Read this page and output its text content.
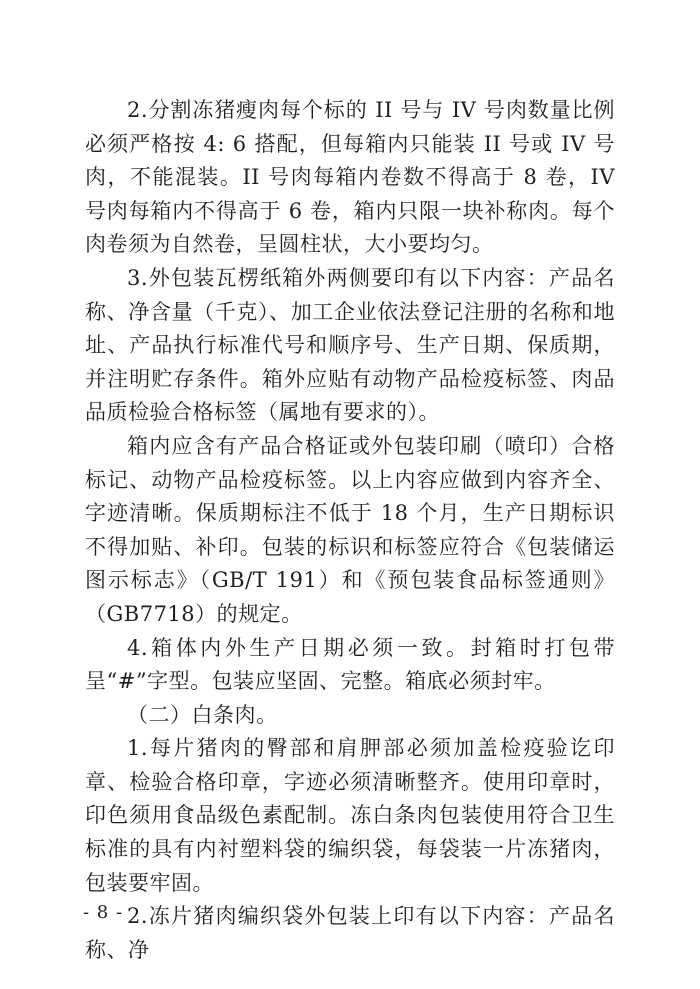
2.分割冻猪瘦肉每个标的 II 号与 IV 号肉数量比例必须严格按 4: 6 搭配，但每箱内只能装 II 号或 IV 号肉，不能混装。II 号肉每箱内卷数不得高于 8 卷，IV 号肉每箱内不得高于 6 卷，箱内只限一块补称肉。每个肉卷须为自然卷，呈圆柱状，大小要均匀。

3.外包装瓦楞纸箱外两侧要印有以下内容：产品名称、净含量（千克）、加工企业依法登记注册的名称和地址、产品执行标准代号和顺序号、生产日期、保质期，并注明贮存条件。箱外应贴有动物产品检疫标签、肉品品质检验合格标签（属地有要求的）。

箱内应含有产品合格证或外包装印刷（喷印）合格标记、动物产品检疫标签。以上内容应做到内容齐全、字迹清晰。保质期标注不低于 18 个月，生产日期标识不得加贴、补印。包装的标识和标签应符合《包装储运图示标志》（GB/T 191）和《预包装食品标签通则》（GB7718）的规定。

4.箱体内外生产日期必须一致。封箱时打包带呈“#”字型。包装应坚固、完整。箱底必须封牢。

（二）白条肉。

1.每片猪肉的臀部和肩胛部必须加盖检疫验讫印章、检验合格印章，字迹必须清晰整齐。使用印章时，印色须用食品级色素配制。冻白条肉包装使用符合卫生标准的具有内衬塑料袋的编织袋，每袋装一片冻猪肉，包装要牢固。

2.冻片猪肉编织袋外包装上印有以下内容：产品名称、净

- 8 -
